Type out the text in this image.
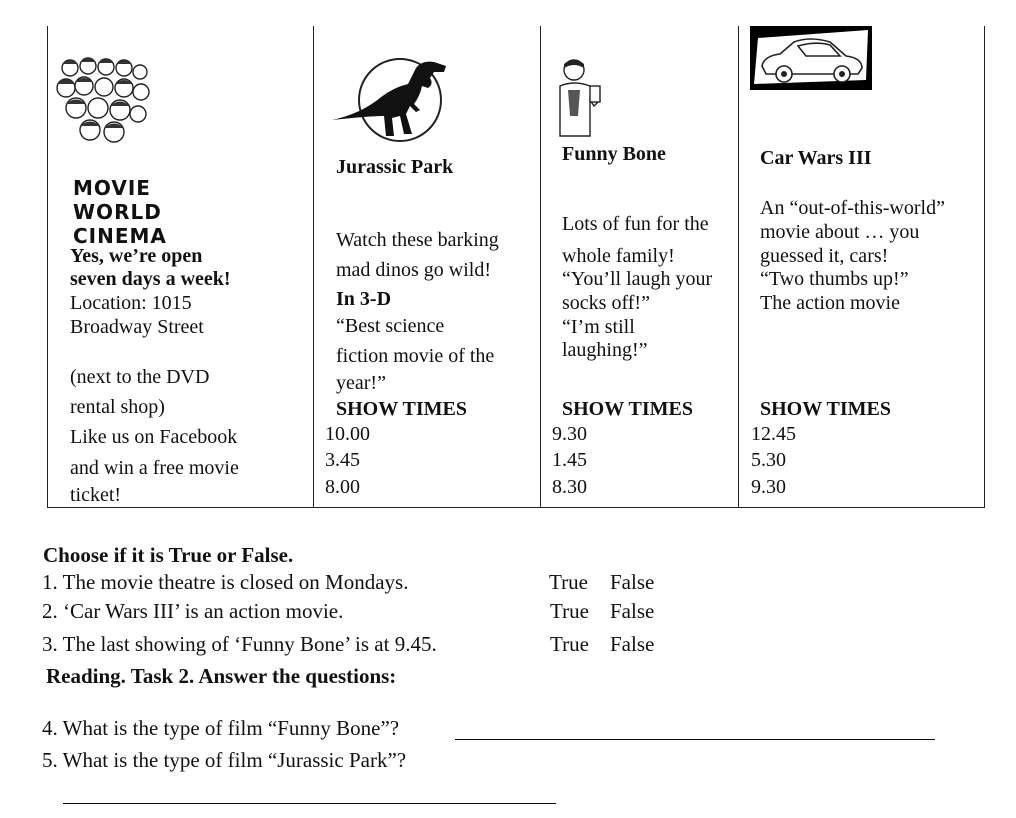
MOVIE
WORLD
CINEMA
Yes, we’re open
seven days a week!
Location: 1015
Broadway Street
(next to the DVD
rental shop)
Like us on Facebook
and win a free movie
ticket!
Jurassic Park
Watch these barking
mad dinos go wild!
In 3-D
“Best science
fiction movie of the
year!”
SHOW TIMES
10.00
3.45
8.00
Funny Bone
Lots of fun for the
whole family!
“You’ll laugh your
socks off!”
“I’m still
laughing!”
SHOW TIMES
9.30
1.45
8.30
Car Wars III
An “out-of-this-world”
movie about … you
guessed it, cars!
“Two thumbs up!”
The action movie
SHOW TIMES
12.45
5.30
9.30
Choose if it is True or False.
1. The movie theatre is closed on Mondays.	True False
2. ‘Car Wars III’ is an action movie.	True False
3. The last showing of ‘Funny Bone’ is at 9.45.	True False
Reading. Task 2. Answer the questions:
4. What is the type of film “Funny Bone”?
5. What is the type of film “Jurassic Park”?
